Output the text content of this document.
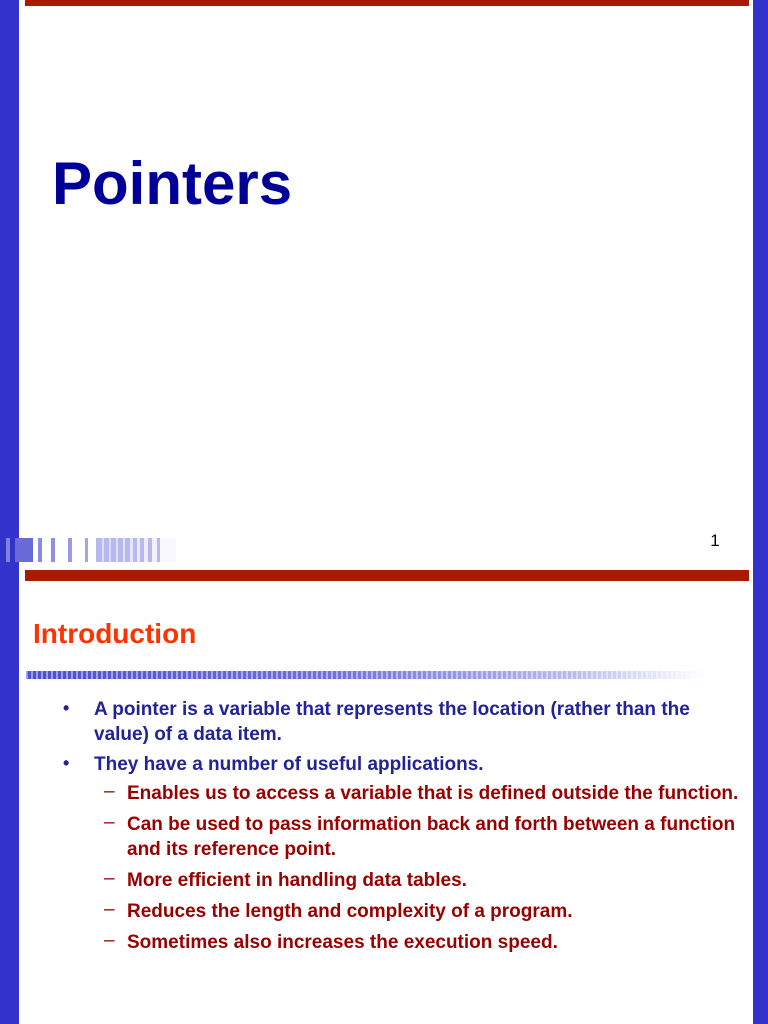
Pointers
1
Introduction
• A pointer is a variable that represents the location (rather than the value) of a data item.
• They have a number of useful applications.
– Enables us to access a variable that is defined outside the function.
– Can be used to pass information back and forth between a function and its reference point.
– More efficient in handling data tables.
– Reduces the length and complexity of a program.
– Sometimes also increases the execution speed.
